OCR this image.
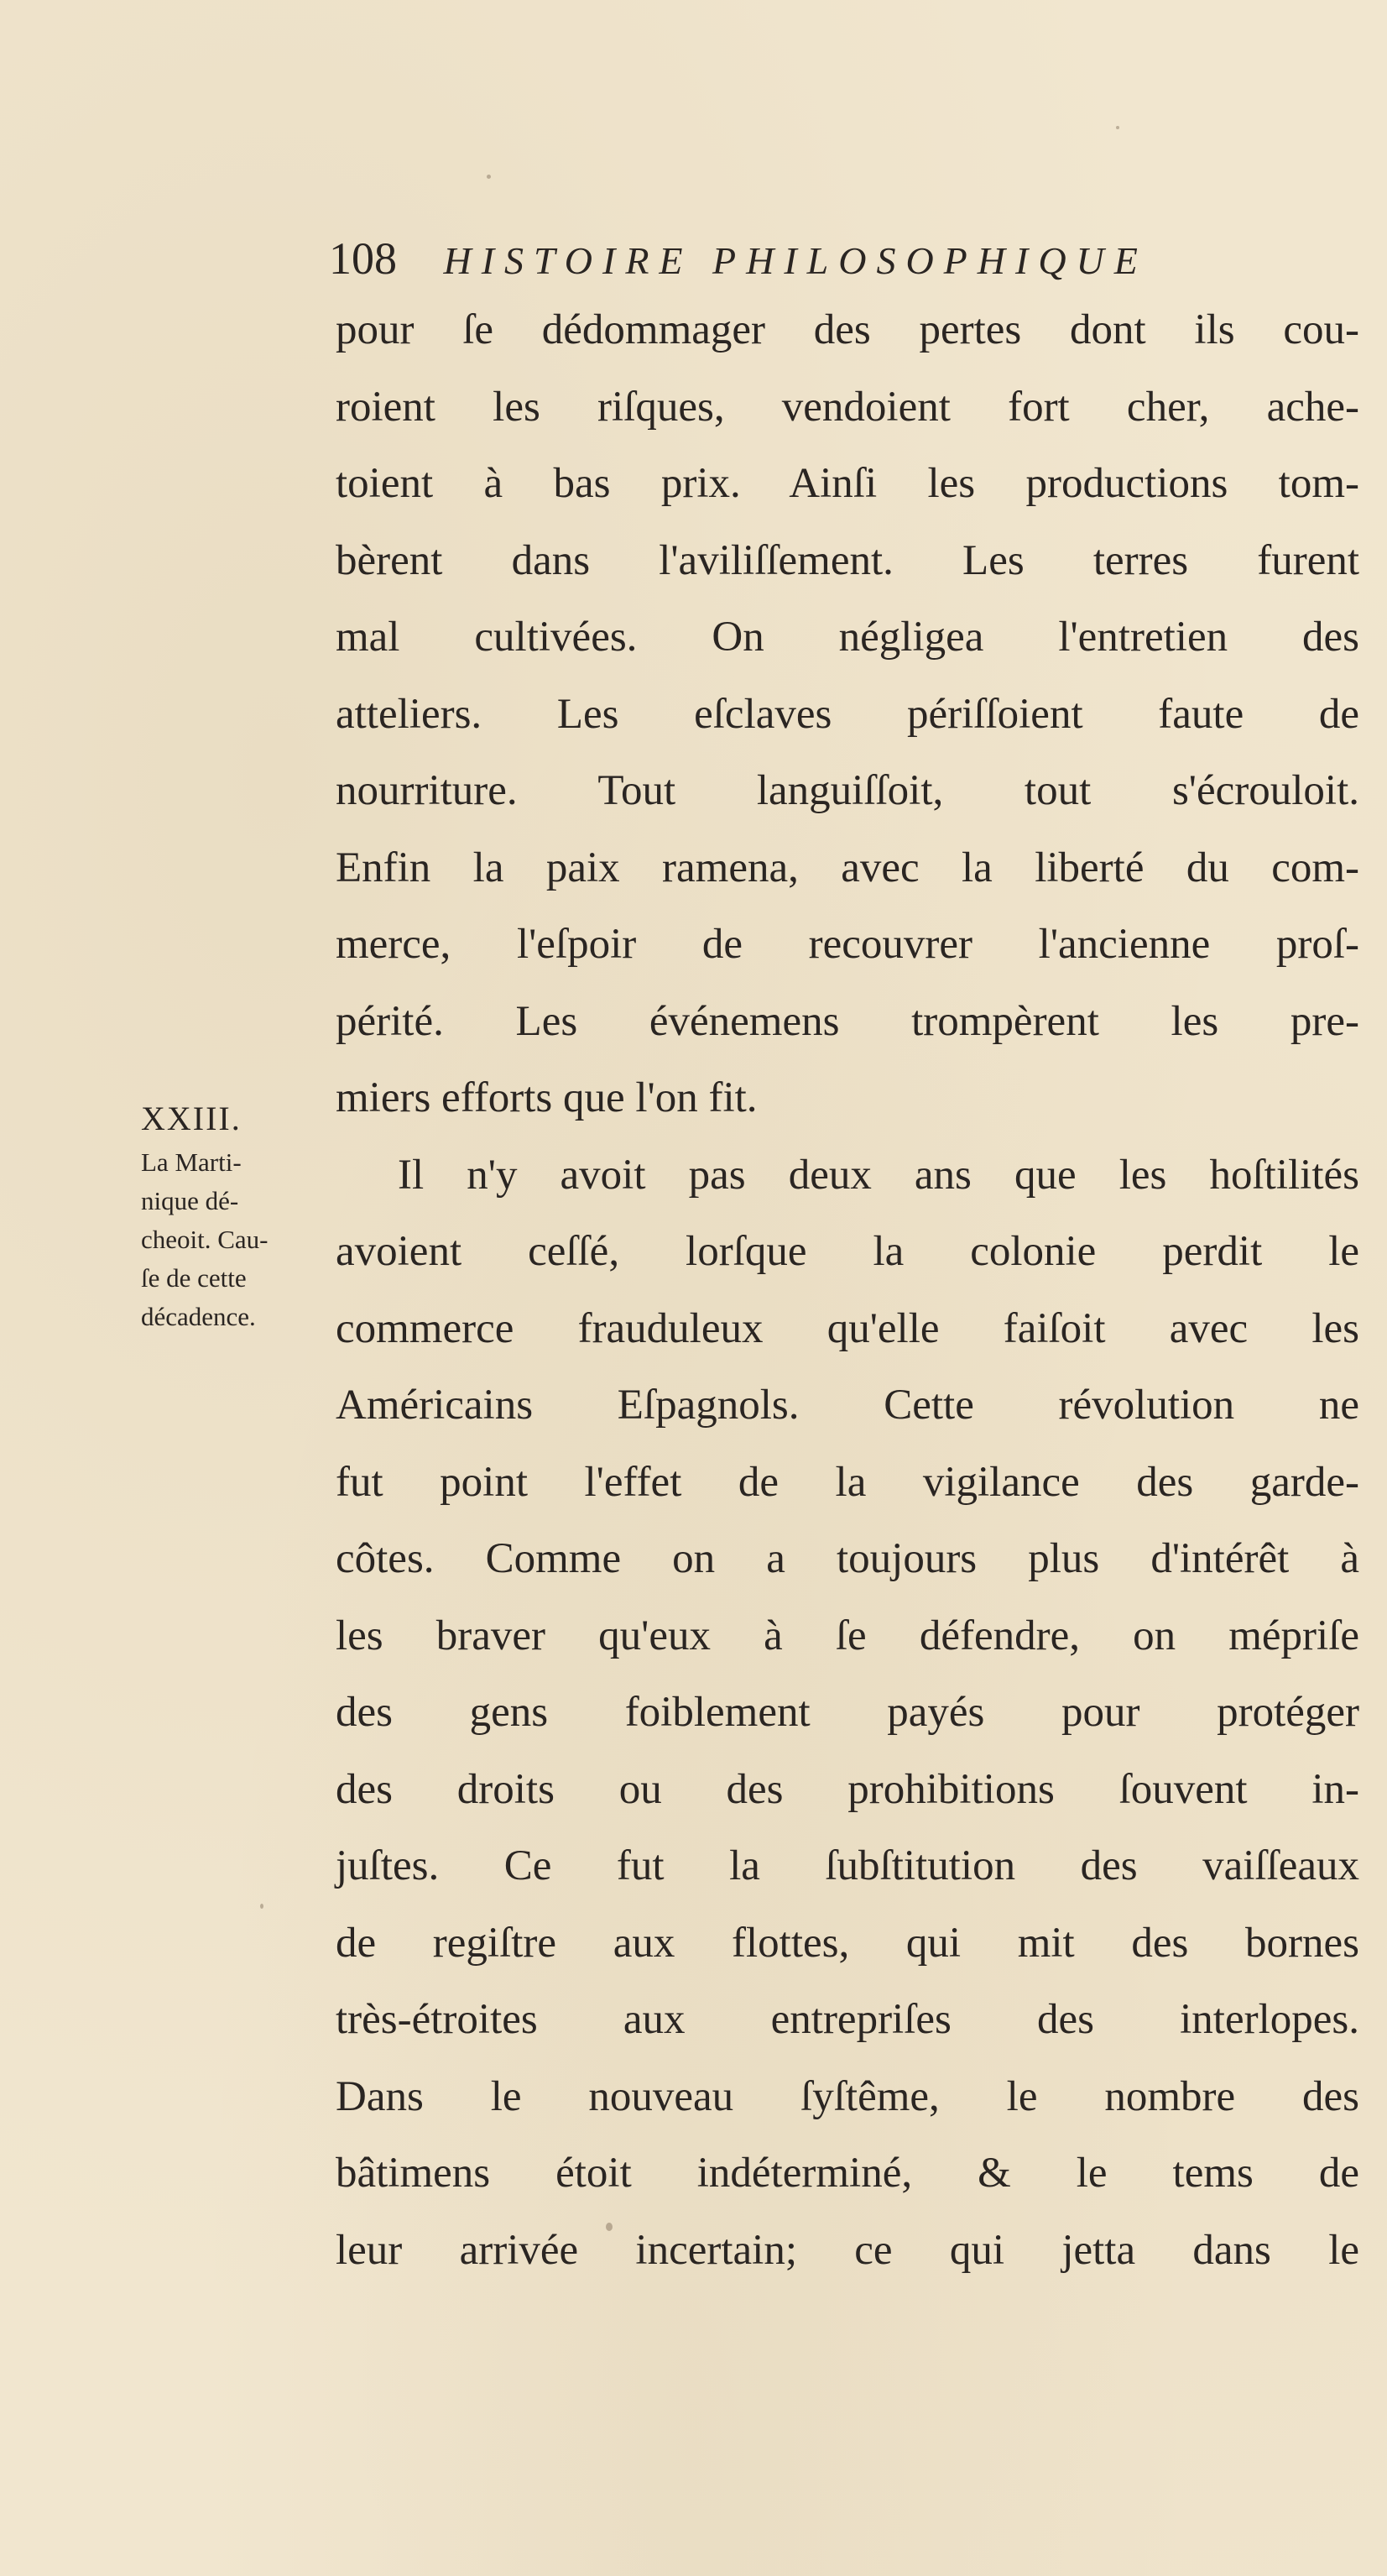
108 HISTOIRE PHILOSOPHIQUE
pour ſe dédommager des pertes dont ils cou-
roient les riſques, vendoient fort cher, ache-
toient à bas prix. Ainſi les productions tom-
bèrent dans l'aviliſſement. Les terres furent
mal cultivées. On négligea l'entretien des
atteliers. Les eſclaves périſſoient faute de
nourriture. Tout languiſſoit, tout s'écrouloit.
Enfin la paix ramena, avec la liberté du com-
merce, l'eſpoir de recouvrer l'ancienne proſ-
périté. Les événemens trompèrent les pre-
miers efforts que l'on fit.
Il n'y avoit pas deux ans que les hoſtilités
avoient ceſſé, lorſque la colonie perdit le
commerce frauduleux qu'elle faiſoit avec les
Américains Eſpagnols. Cette révolution ne
fut point l'effet de la vigilance des garde-
côtes. Comme on a toujours plus d'intérêt à
les braver qu'eux à ſe défendre, on mépriſe
des gens foiblement payés pour protéger
des droits ou des prohibitions ſouvent in-
juſtes. Ce fut la ſubſtitution des vaiſſeaux
de regiſtre aux flottes, qui mit des bornes
très-étroites aux entrepriſes des interlopes.
Dans le nouveau ſyſtême, le nombre des
bâtimens étoit indéterminé, & le tems de
leur arrivée incertain; ce qui jetta dans le
XXIII.
La Marti-
nique dé-
cheoit. Cau-
ſe de cette
décadence.
